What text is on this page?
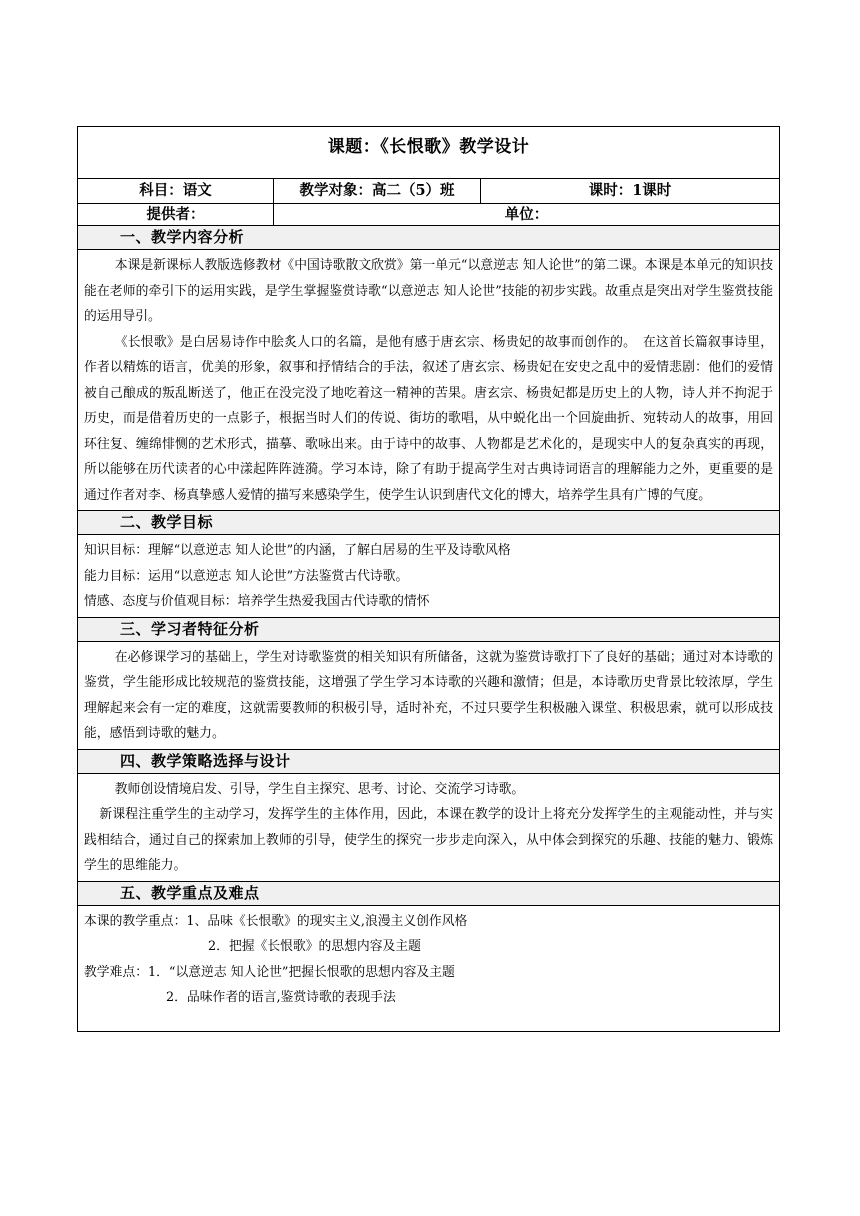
课题：《长恨歌》教学设计
科目：语文	教学对象：高二（5）班	课时：1课时
提供者：	单位：
一、教学内容分析

本课是新课标人教版选修教材《中国诗歌散文欣赏》第一单元“以意逆志 知人论世”的第二课。本课是本单元的知识技能在老师的牵引下的运用实践，是学生掌握鉴赏诗歌“以意逆志 知人论世”技能的初步实践。故重点是突出对学生鉴赏技能的运用导引。

《长恨歌》是白居易诗作中脍炙人口的名篇，是他有感于唐玄宗、杨贵妃的故事而创作的。　在这首长篇叙事诗里，作者以精炼的语言，优美的形象，叙事和抒情结合的手法，叙述了唐玄宗、杨贵妃在安史之乱中的爱情悲剧：他们的爱情被自己酿成的叛乱断送了，他正在没完没了地吃着这一精神的苦果。唐玄宗、杨贵妃都是历史上的人物，诗人并不拘泥于历史，而是借着历史的一点影子，根据当时人们的传说、街坊的歌唱，从中蜕化出一个回旋曲折、宛转动人的故事，用回环往复、缠绵悱恻的艺术形式，描摹、歌咏出来。由于诗中的故事、人物都是艺术化的，是现实中人的复杂真实的再现，所以能够在历代读者的心中漾起阵阵涟漪。学习本诗，除了有助于提高学生对古典诗词语言的理解能力之外，更重要的是通过作者对李、杨真挚感人爱情的描写来感染学生，使学生认识到唐代文化的博大，培养学生具有广博的气度。

二、教学目标

知识目标：理解“以意逆志 知人论世”的内涵，了解白居易的生平及诗歌风格

能力目标：运用“以意逆志 知人论世”方法鉴赏古代诗歌。

情感、态度与价值观目标：培养学生热爱我国古代诗歌的情怀

三、学习者特征分析

在必修课学习的基础上，学生对诗歌鉴赏的相关知识有所储备，这就为鉴赏诗歌打下了良好的基础；通过对本诗歌的鉴赏，学生能形成比较规范的鉴赏技能，这增强了学生学习本诗歌的兴趣和激情；但是，本诗歌历史背景比较浓厚，学生理解起来会有一定的难度，这就需要教师的积极引导，适时补充，不过只要学生积极融入课堂、积极思索，就可以形成技能，感悟到诗歌的魅力。

四、教学策略选择与设计

教师创设情境启发、引导，学生自主探究、思考、讨论、交流学习诗歌。

新课程注重学生的主动学习，发挥学生的主体作用，因此，本课在教学的设计上将充分发挥学生的主观能动性，并与实践相结合，通过自己的探索加上教师的引导，使学生的探究一步步走向深入，从中体会到探究的乐趣、技能的魅力、锻炼学生的思维能力。

五、教学重点及难点

本课的教学重点：1、品味《长恨歌》的现实主义,浪漫主义创作风格

2．把握《长恨歌》的思想内容及主题

教学难点：1．“以意逆志 知人论世”把握长恨歌的思想内容及主题

2．品味作者的语言,鉴赏诗歌的表现手法
